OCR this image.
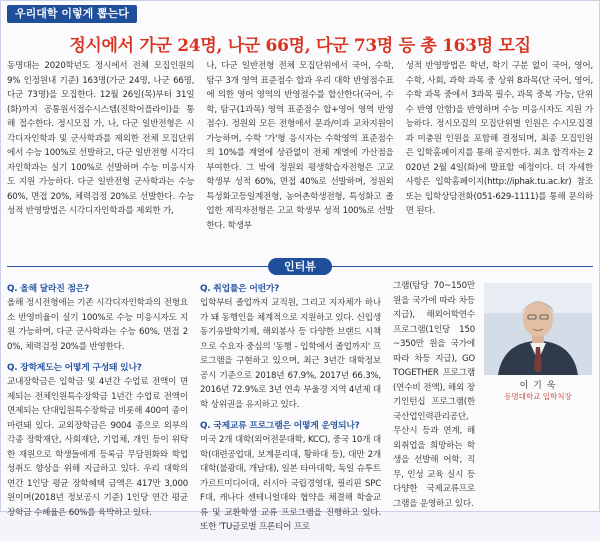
우리대학 이렇게 뽑는다
정시에서 가군 24명, 나군 66명, 다군 73명 등 총 163명 모집

동명대는 2020학년도 정시에서 전체 모집인원의 9% 인정원내 기준) 163명(가군 24명, 나군 66명, 다군 73명)을 모집한다. 12월 26일(목)부터 31일(화)까지 공통원서접수시스템(진학어플라이)을 통해 접수한다. 정시모집 가, 나, 다군 일반전형은 시각디자인학과 및 군사학과를 제외한 전체 모집단위에서 수능 100%로 선발하고, 다군 일반전형 시각디자인학과는 실기 100%로 선발하며 수능 미응시자도 지원 가능하다. 다군 일반전형 군사학과는 수능 60%, 면접 20%, 체력검정 20%로 선발한다. 수능성적 반영방법은 시각디자인학과를 제외한 가,

나, 다군 일반전형 전체 모집단위에서 국어, 수학, 탐구 3개 영역 표준점수 합과 우리 대학 반영점수표에 의한 영어 영역의 반영점수를 합산한다(국어, 수학, 탐구(1과목) 영역 표준점수 합+영어 영역 반영점수). 정원외 모든 전형에서 문과/이과 교차지원이 가능하며, 수학 '가'형 응시자는 수학영역 표준점수의 10%를 계열에 상관없이 전체 계열에 가산점을 부여한다. 그 밖에 정원외 평생학습자전형은 고교 학생부 성적 60%, 면접 40%로 선발하며, 정원외 특성화고등일계전형, 농어촌학생전형, 특성화고 졸업한 재직자전형은 고교 학생부 성적 100%로 선발한다. 학생부

성적 반영방법은 학년, 학기 구분 없이 국어, 영어, 수학, 사회, 과학 과목 중 상위 8과목(단 국어, 영어, 수학 과목 중에서 3과목 필수, 과목 중복 가능, 단위수 반영 안함)을 반영하며 수능 미응시자도 지원 가능하다. 정시모집의 모집단위별 인원은 수시모집결과 미충원 인원을 포함해 결정되며, 최종 모집인원은 입학홈페이지를 통해 공지한다. 최초 합격자는 2020년 2월 4일(화)에 발표할 예정이다. 더 자세한 사항은 입학홈페이지(http://iphak.tu.ac.kr) 참조 또는 입학상담전화(051-629-1111)를 통해 문의하면 된다.

인터뷰
Q. 올해 달라진 점은?

올해 정시전형에는 기존 시각디자인학과의 전형요소 반영비율이 실기 100%로 수능 미응시자도 지원 가능하며, 다군 군사학과는 수능 60%, 면접 20%, 체력검정 20%를 반영한다.

Q. 장학제도는 어떻게 구성돼 있나?

교내장학금은 입학금 및 4년간 수업료 전액이 면제되는 전체인원특수장학금 1년간 수업료 전액이 면제되는 단대입원특수장학금 비롯해 400여 종이 마련돼 있다. 교외장학금은 9004 종으로 외부의 각종 장학재단, 사회재단, 기업체, 개인 등이 위탁한 재원으로 학생들에게 등록금 무담원화와 학업성취도 향상을 위해 지급하고 있다. 우리 대학의 연간 1인당 평균 장학혜택 금액은 417만 3,000원이며(2018년 정보공시 기준) 1인당 연간 평균 장학금 수혜율은 60%를 육박하고 있다.

Q. 취업률은 어떤가?

입학부터 졸업까지 교직원, 그리고 지자체가 하나가 돼 동행인을 체계적으로 지원하고 있다. 신입생동기유발학기제, 해외봉사 등 다양한 브랜드 시책으로 수요자 중심의 '동행 - 입학에서 졸업까지' 프로그램을 구현하고 있으며, 최근 3년간 대학정보공시 기준으로 2018년 67.9%, 2017년 66.3%, 2016년 72.9%로 3년 연속 부울경 지역 4년제 대학 상위권을 유지하고 있다.

Q. 국제교류 프로그램은 어떻게 운영되나?

미국 2개 대학(외어전문대학, KCC), 중국 10개 대학(대련공업대, 보계문리대, 황하대 등), 대만 2개 대학(불광대, 개남대), 일본 타마대학, 독일 슈투트가르트미디어대, 러시아 국립경영대, 필리핀 SPCF대, 캐나다 센테니얼대와 협약을 체결해 학술교류 및 교환학생 교류 프로그램을 진행하고 있다. 또한 'TU글로벌 프론티어 프로

그램(탐당 70~150만 원을 국가에 따라 차등 지급), 해외어학연수 프로그램(1인당 150~350만 원을 국가에 따라 차등 지급), GO TOGETHER 프로그램(연수비 전액), 해외 장기인턴십 프로그램(한국산업인력관리공단, 무산시 등과 연계, 해외취업을 희망하는 학생을 선발해 어학, 직무, 인성 교육 실시 등 다양한 국제교류프로그램을 운영하고 있다.

이 기 욱
동명대학교 입학처장
